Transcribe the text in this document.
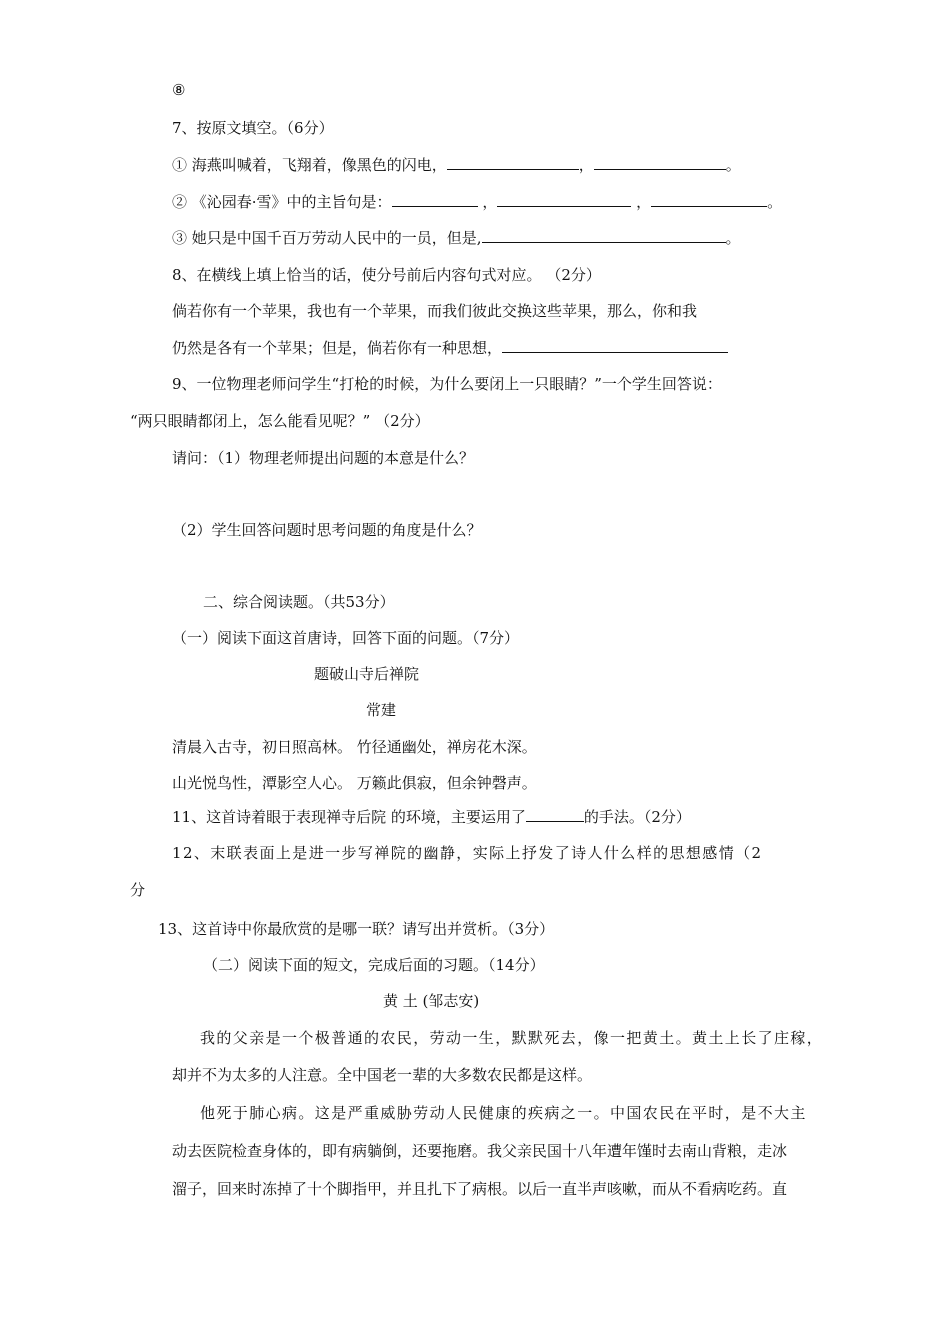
⑧
7、按原文填空。（6分）
① 海燕叫喊着，飞翔着，像黑色的闪电，	，	。
② 《沁园春·雪》中的主旨句是：	，	，	。
③ 她只是中国千百万劳动人民中的一员，但是,	。
8、在横线上填上恰当的话，使分号前后内容句式对应。 （2分）
倘若你有一个苹果，我也有一个苹果，而我们彼此交换这些苹果，那么，你和我
仍然是各有一个苹果；但是，倘若你有一种思想，
9、一位物理老师问学生“打枪的时候，为什么要闭上一只眼睛？”一个学生回答说：
“两只眼睛都闭上，怎么能看见呢？” （2分）
请问：（1）物理老师提出问题的本意是什么？
（2）学生回答问题时思考问题的角度是什么？
二、综合阅读题。（共53分）
（一）阅读下面这首唐诗，回答下面的问题。（7分）
题破山寺后禅院
常建
清晨入古寺，初日照高林。 竹径通幽处，禅房花木深。
山光悦鸟性，潭影空人心。 万籁此俱寂，但余钟磬声。
11、这首诗着眼于表现禅寺后院 的环境，主要运用了	的手法。（2分）
12、末联表面上是进一步写禅院的幽静，实际上抒发了诗人什么样的思想感情（2
分
13、这首诗中你最欣赏的是哪一联？请写出并赏析。（3分）
（二）阅读下面的短文，完成后面的习题。（14分）
黄 土 (邹志安)
我的父亲是一个极普通的农民，劳动一生，默默死去，像一把黄土。黄土上长了庄稼，
却并不为太多的人注意。全中国老一辈的大多数农民都是这样。
他死于肺心病。这是严重威胁劳动人民健康的疾病之一。中国农民在平时，是不大主
动去医院检查身体的，即有病躺倒，还要拖磨。我父亲民国十八年遭年馑时去南山背粮，走冰
溜子，回来时冻掉了十个脚指甲，并且扎下了病根。以后一直半声咳嗽，而从不看病吃药。直
